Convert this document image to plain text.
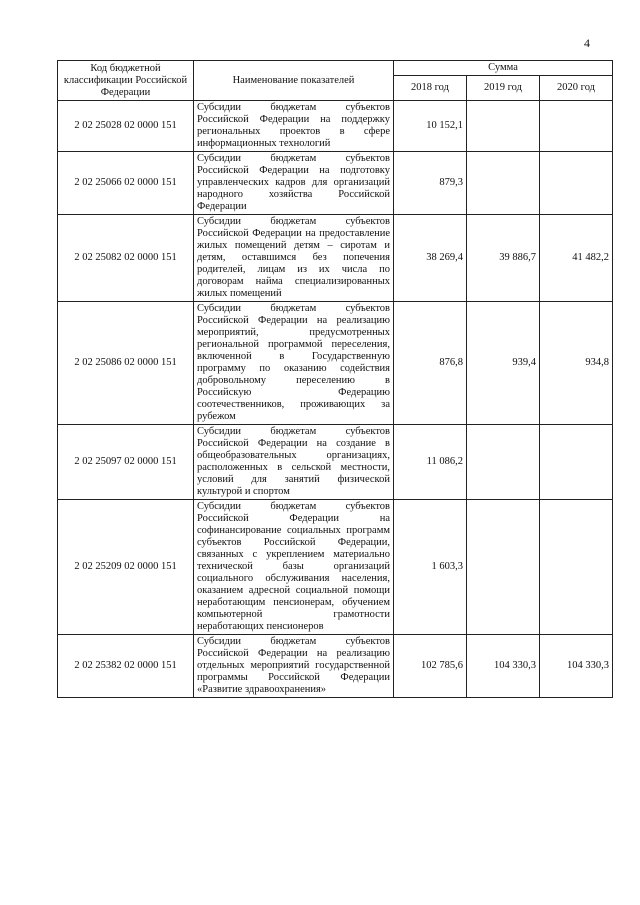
4
Код бюджетной классификации Российской Федерации	Наименование показателей	Сумма		
		2018 год	2019 год	2020 год
2 02 25028 02 0000 151	Субсидии бюджетам субъектов Российской Федерации на поддержку региональных проектов в сфере информационных технологий	10 152,1		
2 02 25066 02 0000 151	Субсидии бюджетам субъектов Российской Федерации на подготовку управленческих кадров для организаций народного хозяйства Российской Федерации	879,3		
2 02 25082 02 0000 151	Субсидии бюджетам субъектов Российской Федерации на предоставление жилых помещений детям – сиротам и детям, оставшимся без попечения родителей, лицам из их числа по договорам найма специализированных жилых помещений	38 269,4	39 886,7	41 482,2
2 02 25086 02 0000 151	Субсидии бюджетам субъектов Российской Федерации на реализацию мероприятий, предусмотренных региональной программой переселения, включенной в Государственную программу по оказанию содействия добровольному переселению в Российскую Федерацию соотечественников, проживающих за рубежом	876,8	939,4	934,8
2 02 25097 02 0000 151	Субсидии бюджетам субъектов Российской Федерации на создание в общеобразовательных организациях, расположенных в сельской местности, условий для занятий физической культурой и спортом	11 086,2		
2 02 25209 02 0000 151	Субсидии бюджетам субъектов Российской Федерации на софинансирование социальных программ субъектов Российской Федерации, связанных с укреплением материально технической базы организаций социального обслуживания населения, оказанием адресной социальной помощи неработающим пенсионерам, обучением компьютерной грамотности неработающих пенсионеров	1 603,3		
2 02 25382 02 0000 151	Субсидии бюджетам субъектов Российской Федерации на реализацию отдельных мероприятий государственной программы Российской Федерации «Развитие здравоохранения»	102 785,6	104 330,3	104 330,3
